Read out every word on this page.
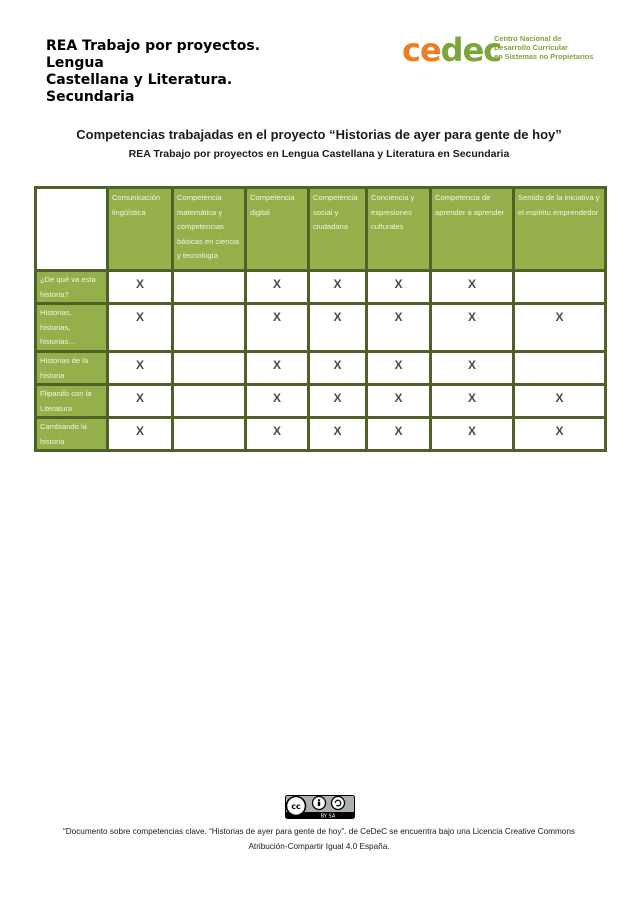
REA Trabajo por proyectos. Lengua
Castellana y Literatura. Secundaria
cedec
Centro Nacional de
Desarrollo Curricular
en Sistemas no Propietarios
Competencias trabajadas en el proyecto “Historias de ayer para gente de hoy”
REA Trabajo por proyectos en Lengua Castellana y Literatura en Secundaria
	Comunicación lingüística	Competencia matemática y competencias básicas en ciencia y tecnología	Competencia digital	Competencia social y ciudadana	Conciencia y expresiones culturales	Competencia de aprender a aprender	Sentido de la iniciativa y el espíritu emprendedor
¿De qué va esta historia?	X		X	X	X	X	
Historias, historias, historias…	X		X	X	X	X	X
Historias de la historia	X		X	X	X	X	
Flipando con la Literatura	X		X	X	X	X	X
Cambiando la historia	X		X	X	X	X	X
cc
BY SA
“Documento sobre competencias clave. “Historias de ayer para gente de hoy”. de CeDeC se encuentra bajo una Licencia Creative Commons
Atribución-Compartir Igual 4.0 España.
